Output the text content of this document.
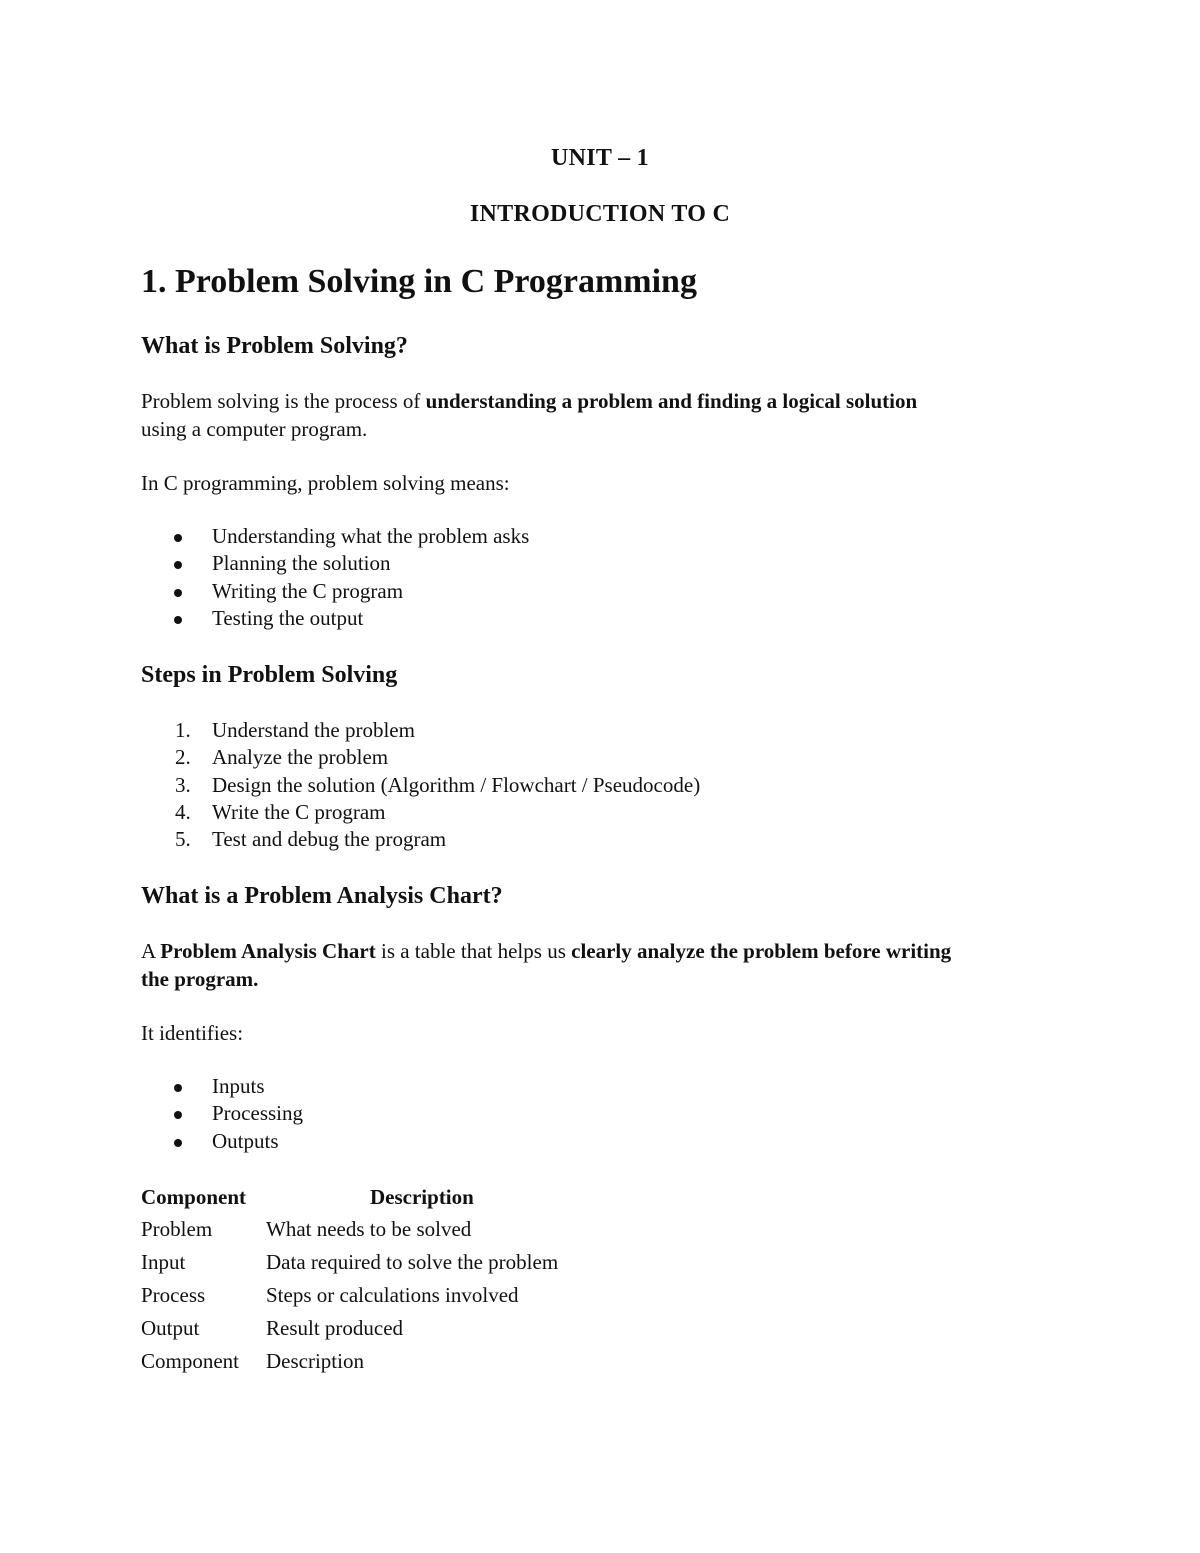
UNIT – 1

INTRODUCTION TO C

1. Problem Solving in C Programming
What is Problem Solving?

Problem solving is the process of understanding a problem and finding a logical solution
using a computer program.

In C programming, problem solving means:

Understanding what the problem asks
Planning the solution
Writing the C program
Testing the output
Steps in Problem Solving
1. Understand the problem
2. Analyze the problem
3. Design the solution (Algorithm / Flowchart / Pseudocode)
4. Write the C program
5. Test and debug the program
What is a Problem Analysis Chart?

A Problem Analysis Chart is a table that helps us clearly analyze the problem before writing
the program.

It identifies:

Inputs
Processing
Outputs
Component	Description
Problem	What needs to be solved
Input	Data required to solve the problem
Process	Steps or calculations involved
Output	Result produced
Component	Description
